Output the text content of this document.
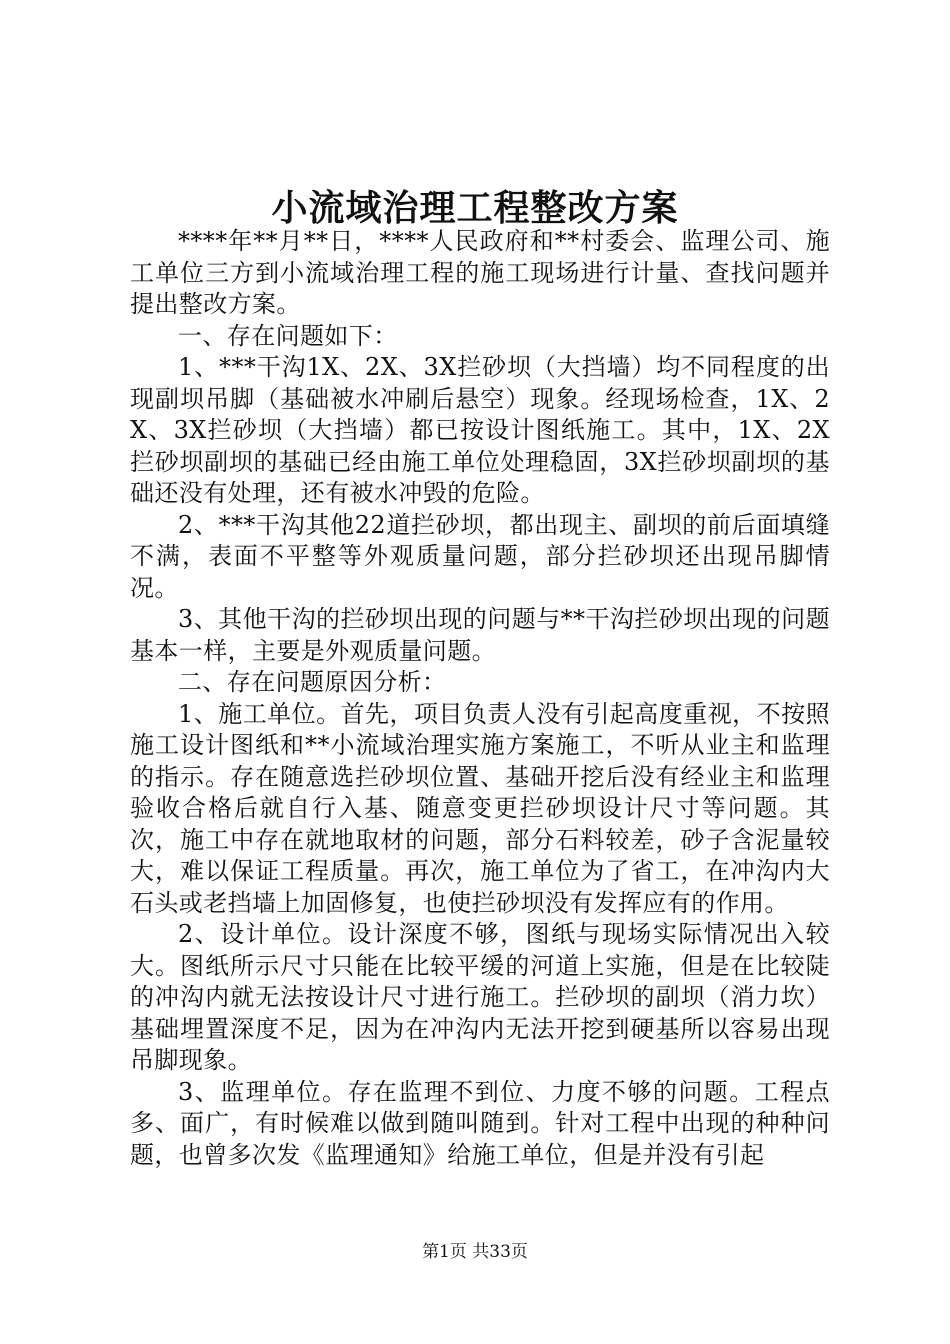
小流域治理工程整改方案

****年**月**日，****人民政府和**村委会、监理公司、施工单位三方到小流域治理工程的施工现场进行计量、查找问题并提出整改方案。

一、存在问题如下：

1、***干沟1X、2X、3X拦砂坝（大挡墙）均不同程度的出现副坝吊脚（基础被水冲刷后悬空）现象。经现场检查，1X、2X、3X拦砂坝（大挡墙）都已按设计图纸施工。其中，1X、2X拦砂坝副坝的基础已经由施工单位处理稳固，3X拦砂坝副坝的基础还没有处理，还有被水冲毁的危险。

2、***干沟其他22道拦砂坝，都出现主、副坝的前后面填缝不满，表面不平整等外观质量问题，部分拦砂坝还出现吊脚情况。

3、其他干沟的拦砂坝出现的问题与**干沟拦砂坝出现的问题基本一样，主要是外观质量问题。

二、存在问题原因分析：

1、施工单位。首先，项目负责人没有引起高度重视，不按照施工设计图纸和**小流域治理实施方案施工，不听从业主和监理的指示。存在随意选拦砂坝位置、基础开挖后没有经业主和监理验收合格后就自行入基、随意变更拦砂坝设计尺寸等问题。其次，施工中存在就地取材的问题，部分石料较差，砂子含泥量较大，难以保证工程质量。再次，施工单位为了省工，在冲沟内大石头或老挡墙上加固修复，也使拦砂坝没有发挥应有的作用。

2、设计单位。设计深度不够，图纸与现场实际情况出入较大。图纸所示尺寸只能在比较平缓的河道上实施，但是在比较陡的冲沟内就无法按设计尺寸进行施工。拦砂坝的副坝（消力坎）基础埋置深度不足，因为在冲沟内无法开挖到硬基所以容易出现吊脚现象。

3、监理单位。存在监理不到位、力度不够的问题。工程点多、面广，有时候难以做到随叫随到。针对工程中出现的种种问题，也曾多次发《监理通知》给施工单位，但是并没有引起

第1页 共33页
